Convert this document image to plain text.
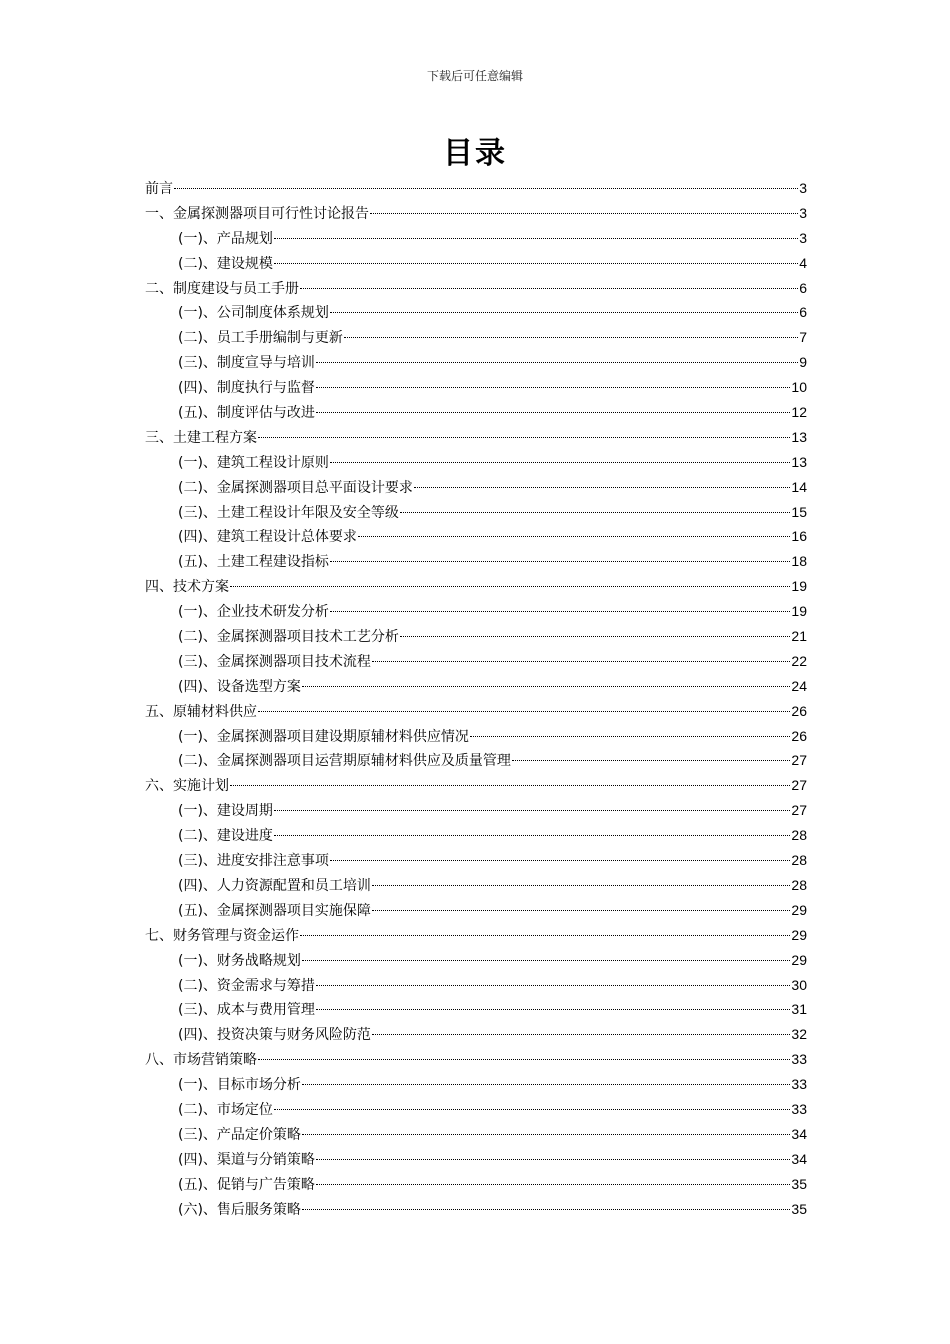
下载后可任意编辑
目录
前言	3
一、金属探测器项目可行性讨论报告	3
(一)、产品规划	3
(二)、建设规模	4
二、制度建设与员工手册	6
(一)、公司制度体系规划	6
(二)、员工手册编制与更新	7
(三)、制度宣导与培训	9
(四)、制度执行与监督	10
(五)、制度评估与改进	12
三、土建工程方案	13
(一)、建筑工程设计原则	13
(二)、金属探测器项目总平面设计要求	14
(三)、土建工程设计年限及安全等级	15
(四)、建筑工程设计总体要求	16
(五)、土建工程建设指标	18
四、技术方案	19
(一)、企业技术研发分析	19
(二)、金属探测器项目技术工艺分析	21
(三)、金属探测器项目技术流程	22
(四)、设备选型方案	24
五、原辅材料供应	26
(一)、金属探测器项目建设期原辅材料供应情况	26
(二)、金属探测器项目运营期原辅材料供应及质量管理	27
六、实施计划	27
(一)、建设周期	27
(二)、建设进度	28
(三)、进度安排注意事项	28
(四)、人力资源配置和员工培训	28
(五)、金属探测器项目实施保障	29
七、财务管理与资金运作	29
(一)、财务战略规划	29
(二)、资金需求与筹措	30
(三)、成本与费用管理	31
(四)、投资决策与财务风险防范	32
八、市场营销策略	33
(一)、目标市场分析	33
(二)、市场定位	33
(三)、产品定价策略	34
(四)、渠道与分销策略	34
(五)、促销与广告策略	35
(六)、售后服务策略	35
